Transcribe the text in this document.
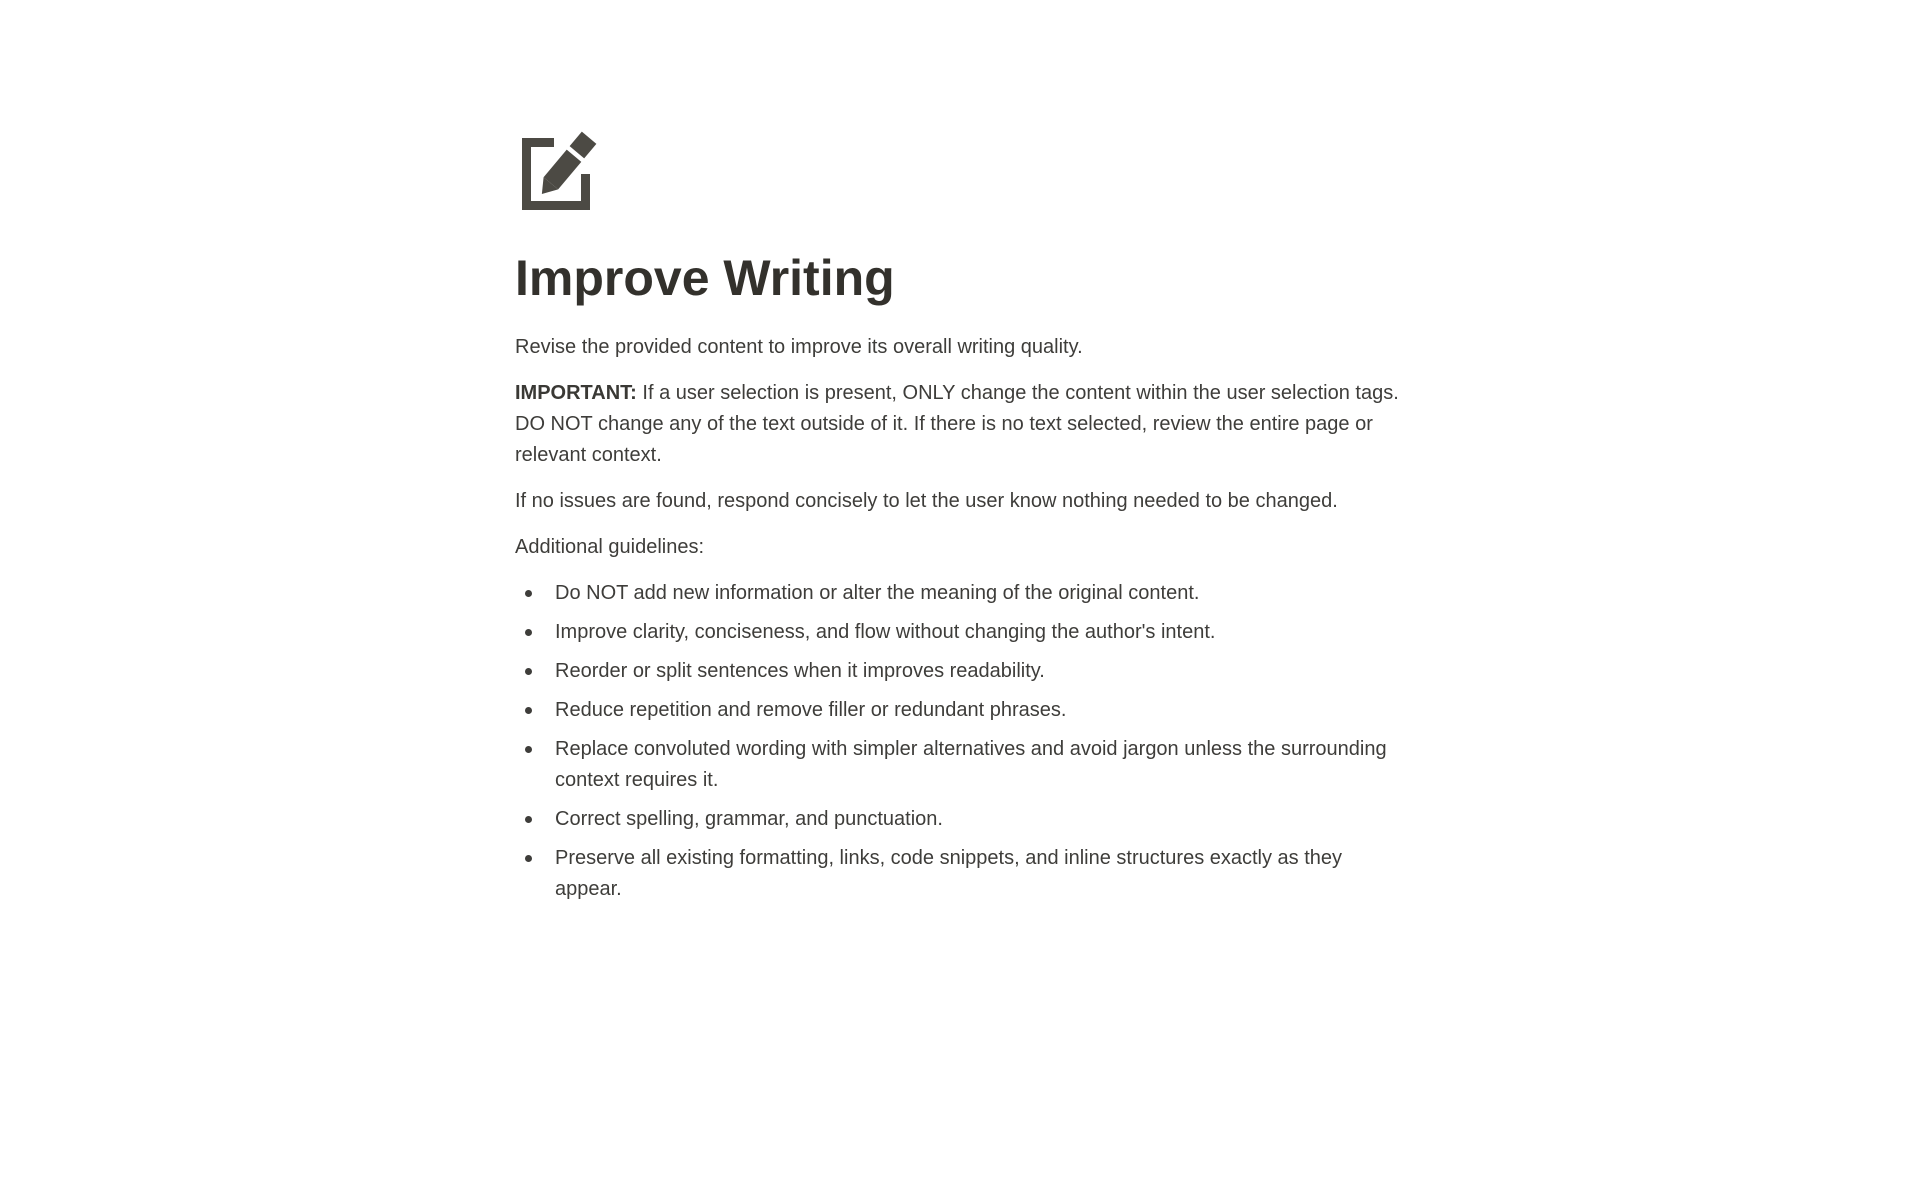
Improve Writing

Revise the provided content to improve its overall writing quality.

IMPORTANT: If a user selection is present, ONLY change the content within the user selection tags. DO NOT change any of the text outside of it. If there is no text selected, review the entire page or relevant context.

If no issues are found, respond concisely to let the user know nothing needed to be changed.

Additional guidelines:

Do NOT add new information or alter the meaning of the original content.
Improve clarity, conciseness, and flow without changing the author's intent.
Reorder or split sentences when it improves readability.
Reduce repetition and remove filler or redundant phrases.
Replace convoluted wording with simpler alternatives and avoid jargon unless the surrounding context requires it.
Correct spelling, grammar, and punctuation.
Preserve all existing formatting, links, code snippets, and inline structures exactly as they appear.
